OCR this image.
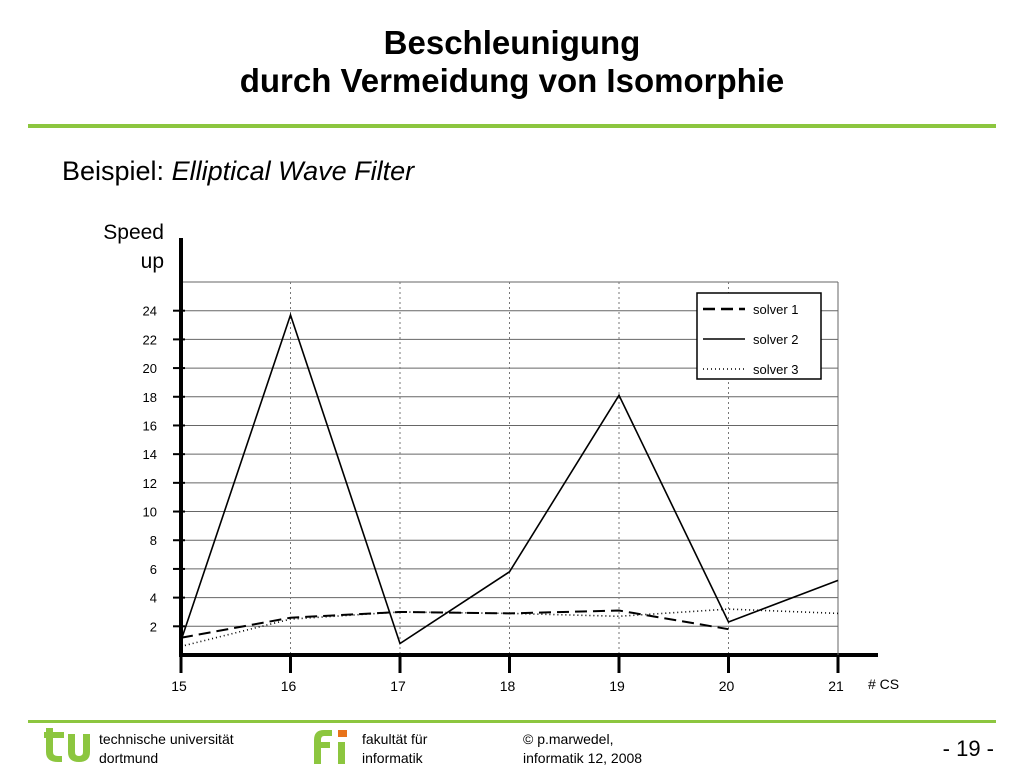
Beschleunigung
durch Vermeidung von Isomorphie
Beispiel: Elliptical Wave Filter
Speed
up
2
4
6
8
10
12
14
16
18
20
22
24
15	16	17	18	19	20	21 # CS
solver 1
solver 2
solver 3
technische universität
dortmund
fakultät für
informatik
© p.marwedel,
informatik 12, 2008	- 19 -
